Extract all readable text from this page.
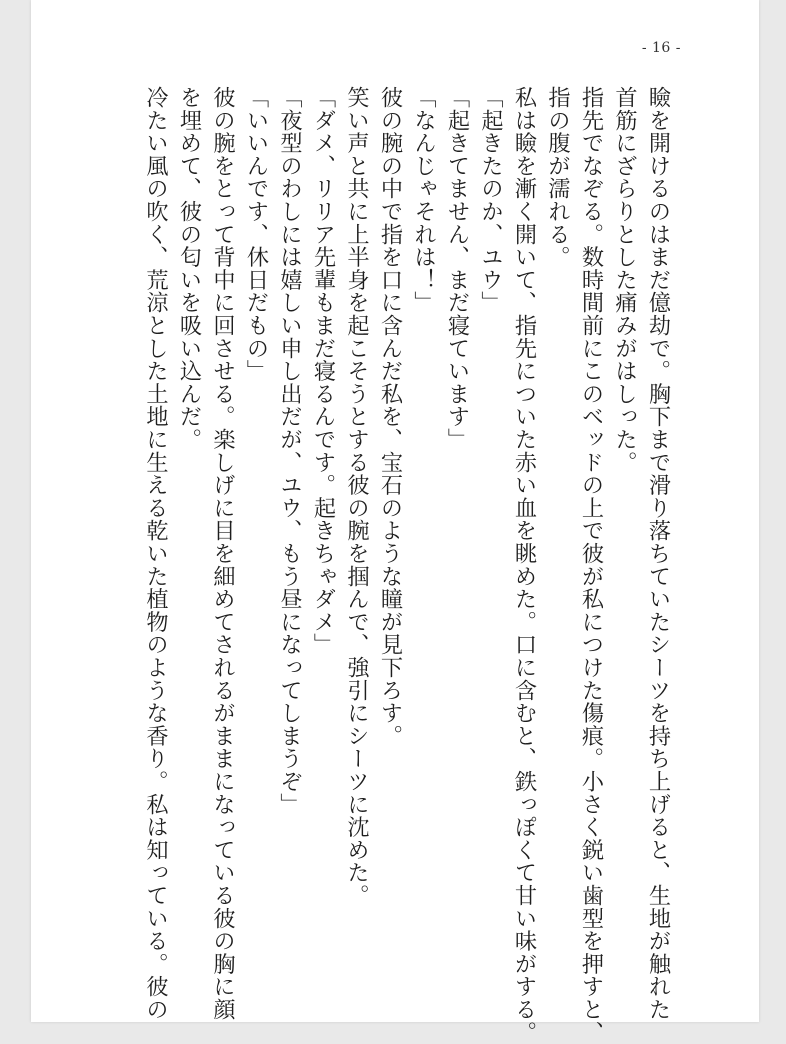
- 16 -
瞼を開けるのはまだ億劫で。胸下まで滑り落ちていたシーツを持ち上げると、生地が触れた
首筋にざらりとした痛みがはしった。
指先でなぞる。数時間前にこのベッドの上で彼が私につけた傷痕。小さく鋭い歯型を押すと、
指の腹が濡れる。
私は瞼を漸く開いて、指先についた赤い血を眺めた。口に含むと、鉄っぽくて甘い味がする。
「起きたのか、ユウ」
「起きてません、まだ寝ています」
「なんじゃそれは！」
彼の腕の中で指を口に含んだ私を、宝石のような瞳が見下ろす。
笑い声と共に上半身を起こそうとする彼の腕を掴んで、強引にシーツに沈めた。
「ダメ、リリア先輩もまだ寝るんです。起きちゃダメ」
「夜型のわしには嬉しい申し出だが、ユウ、もう昼になってしまうぞ」
「いいんです、休日だもの」
彼の腕をとって背中に回させる。楽しげに目を細めてされるがままになっている彼の胸に顔
を埋めて、彼の匂いを吸い込んだ。
冷たい風の吹く、荒涼とした土地に生える乾いた植物のような香り。私は知っている。彼の
